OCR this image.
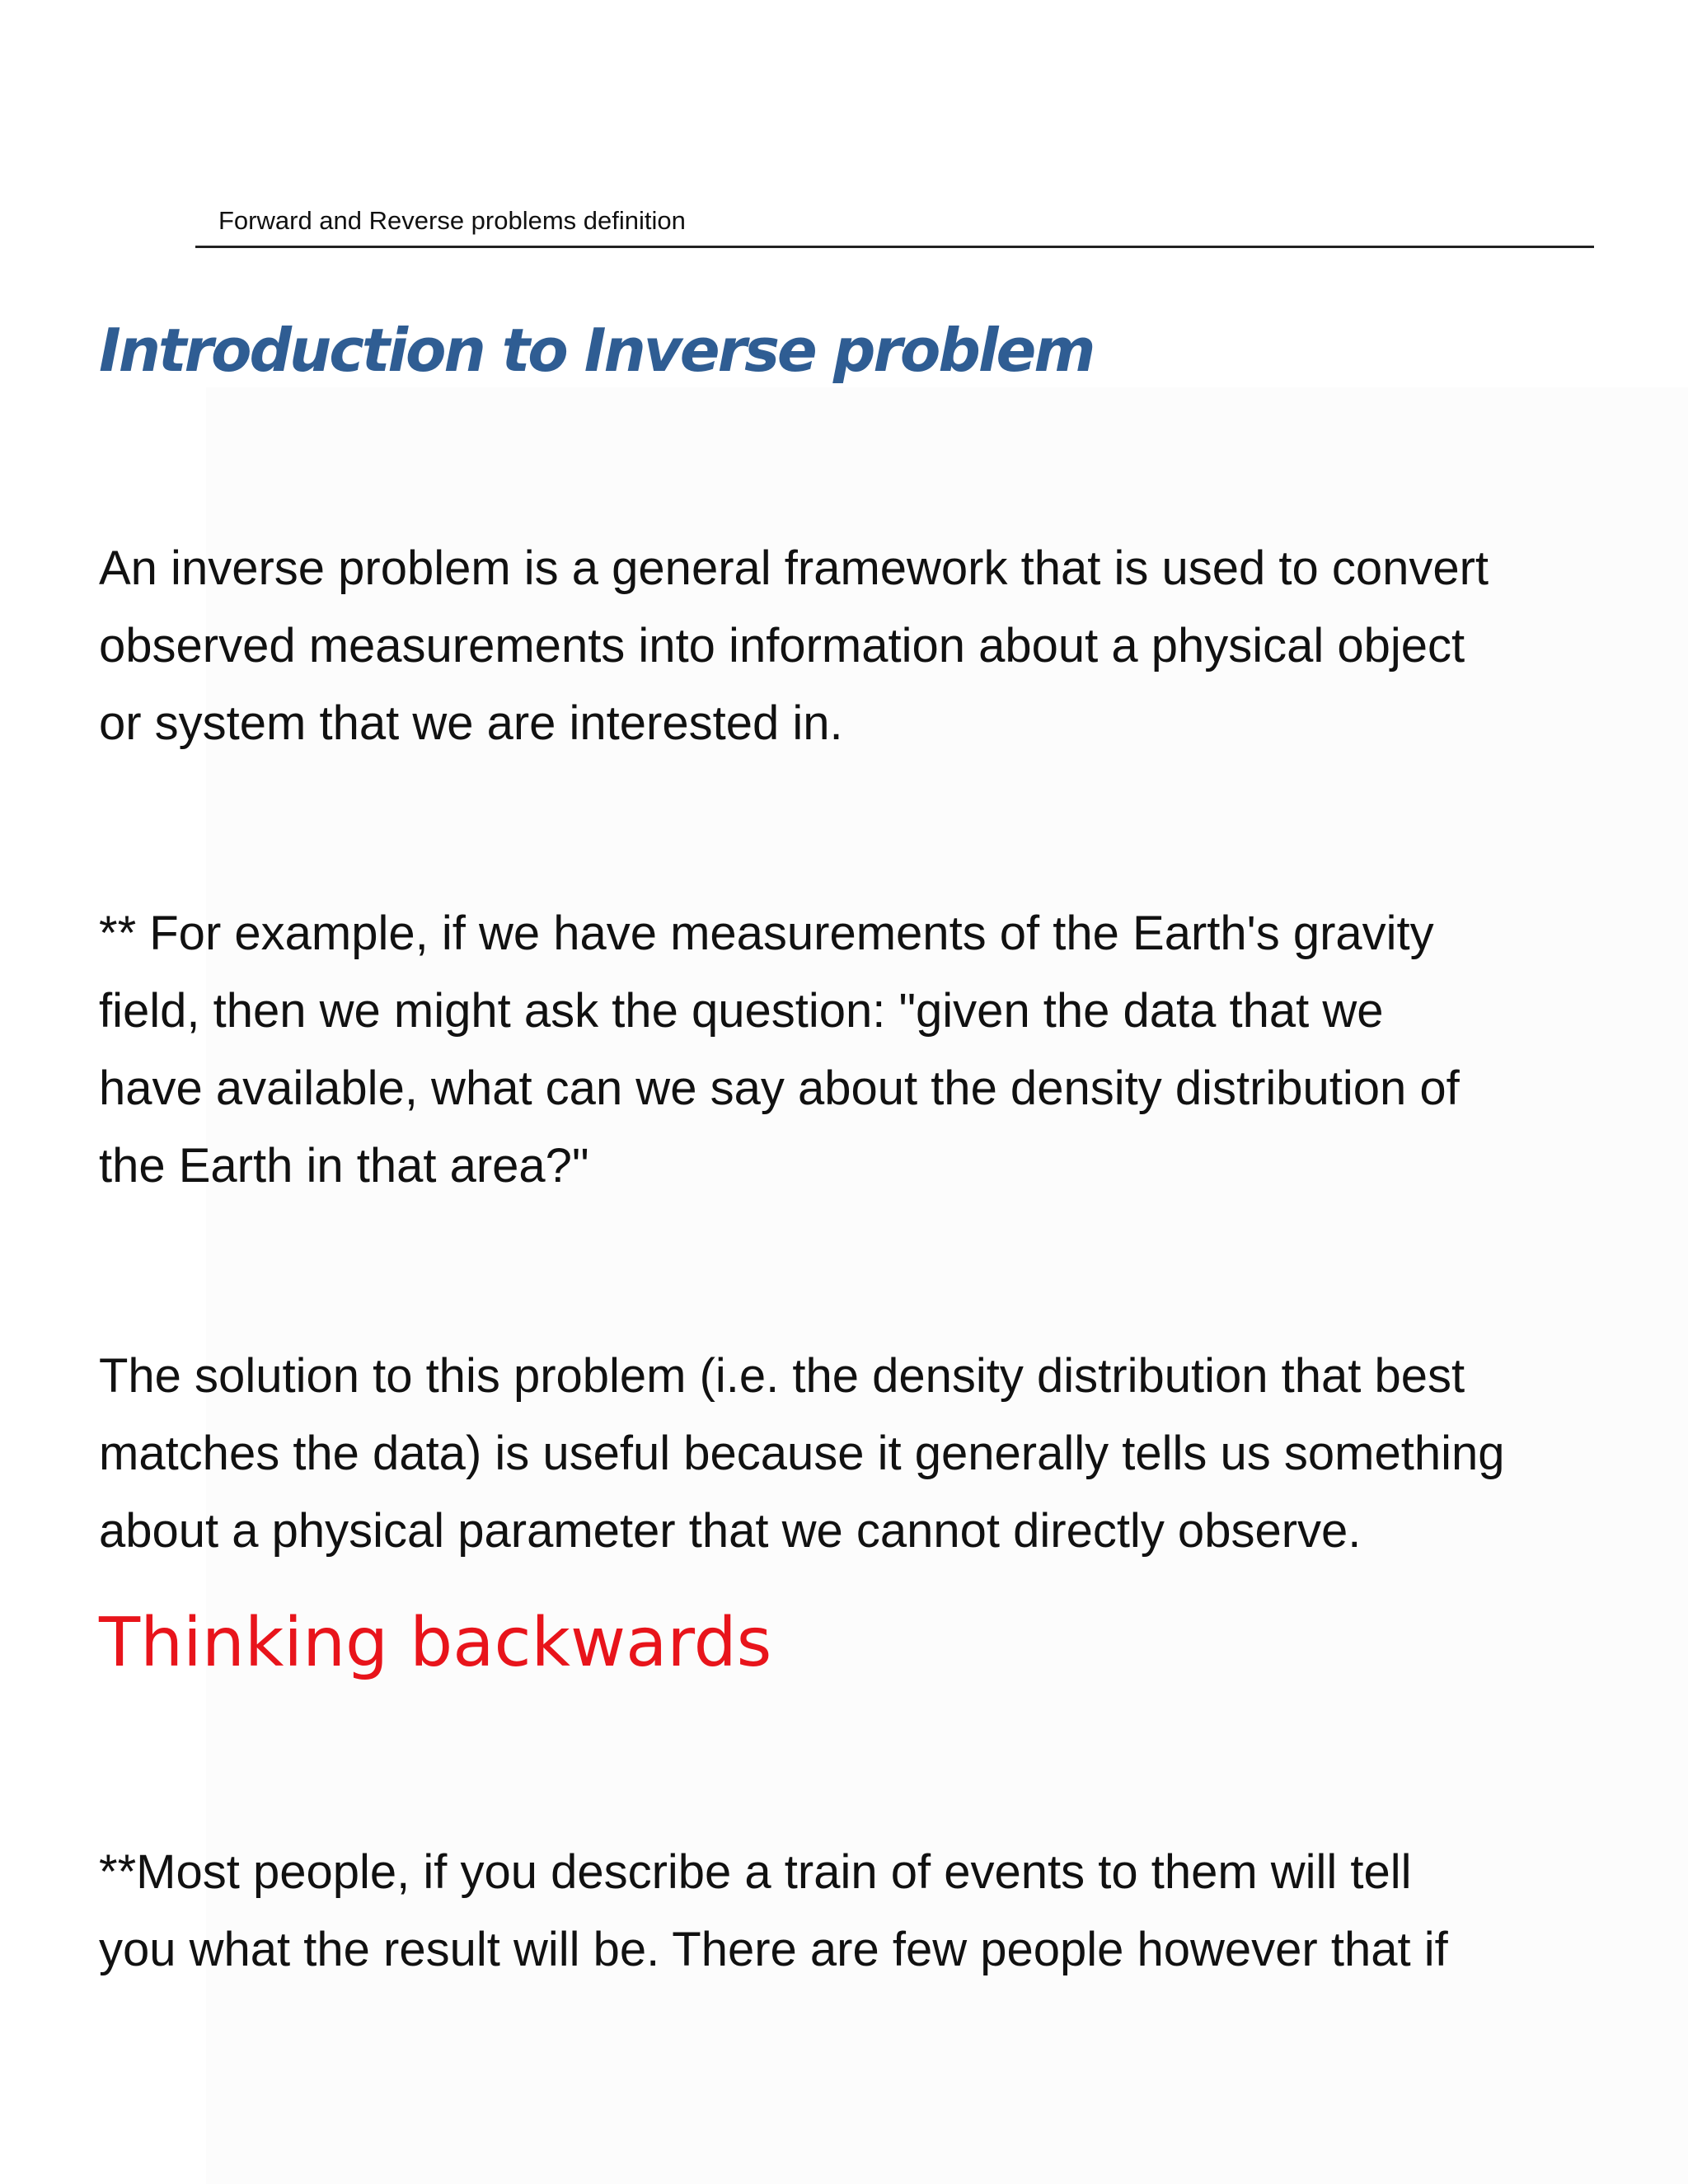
Forward and Reverse problems definition
Introduction to Inverse problem

An inverse problem is a general framework that is used to convert
observed measurements into information about a physical object
or system that we are interested in.

** For example, if we have measurements of the Earth's gravity
field, then we might ask the question: "given the data that we
have available, what can we say about the density distribution of
the Earth in that area?"

The solution to this problem (i.e. the density distribution that best
matches the data) is useful because it generally tells us something
about a physical parameter that we cannot directly observe.

Thinking backwards

**Most people, if you describe a train of events to them will tell
you what the result will be. There are few people however that if
